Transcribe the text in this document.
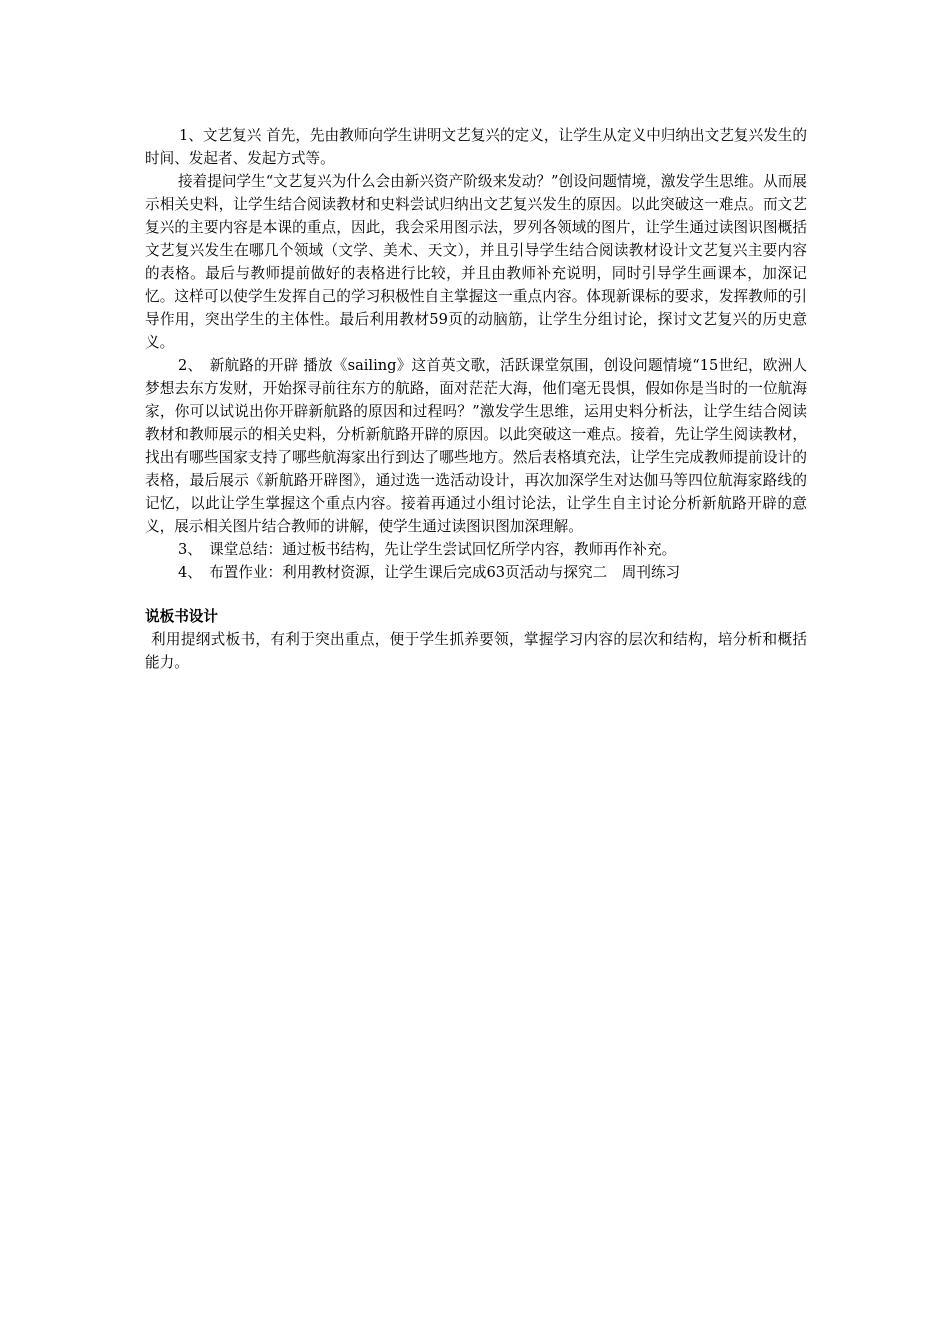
1、文艺复兴 首先，先由教师向学生讲明文艺复兴的定义，让学生从定义中归纳出文艺复兴发生的时间、发起者、发起方式等。

接着提问学生“文艺复兴为什么会由新兴资产阶级来发动？”创设问题情境，激发学生思维。从而展示相关史料，让学生结合阅读教材和史料尝试归纳出文艺复兴发生的原因。以此突破这一难点。而文艺复兴的主要内容是本课的重点，因此，我会采用图示法，罗列各领域的图片，让学生通过读图识图概括文艺复兴发生在哪几个领域（文学、美术、天文），并且引导学生结合阅读教材设计文艺复兴主要内容的表格。最后与教师提前做好的表格进行比较，并且由教师补充说明，同时引导学生画课本，加深记忆。这样可以使学生发挥自己的学习积极性自主掌握这一重点内容。体现新课标的要求，发挥教师的引导作用，突出学生的主体性。最后利用教材59页的动脑筋，让学生分组讨论，探讨文艺复兴的历史意义。

2、　新航路的开辟 播放《sailing》这首英文歌，活跃课堂氛围，创设问题情境“15世纪，欧洲人梦想去东方发财，开始探寻前往东方的航路，面对茫茫大海，他们毫无畏惧，假如你是当时的一位航海家，你可以试说出你开辟新航路的原因和过程吗？”激发学生思维，运用史料分析法，让学生结合阅读教材和教师展示的相关史料，分析新航路开辟的原因。以此突破这一难点。接着，先让学生阅读教材，找出有哪些国家支持了哪些航海家出行到达了哪些地方。然后表格填充法，让学生完成教师提前设计的表格，最后展示《新航路开辟图》，通过选一选活动设计，再次加深学生对达伽马等四位航海家路线的记忆，以此让学生掌握这个重点内容。接着再通过小组讨论法，让学生自主讨论分析新航路开辟的意义，展示相关图片结合教师的讲解，使学生通过读图识图加深理解。

3、　课堂总结：通过板书结构，先让学生尝试回忆所学内容，教师再作补充。

4、　布置作业：利用教材资源，让学生课后完成63页活动与探究二　周刊练习

说板书设计

利用提纲式板书，有利于突出重点，便于学生抓养要领，掌握学习内容的层次和结构，培分析和概括能力。
